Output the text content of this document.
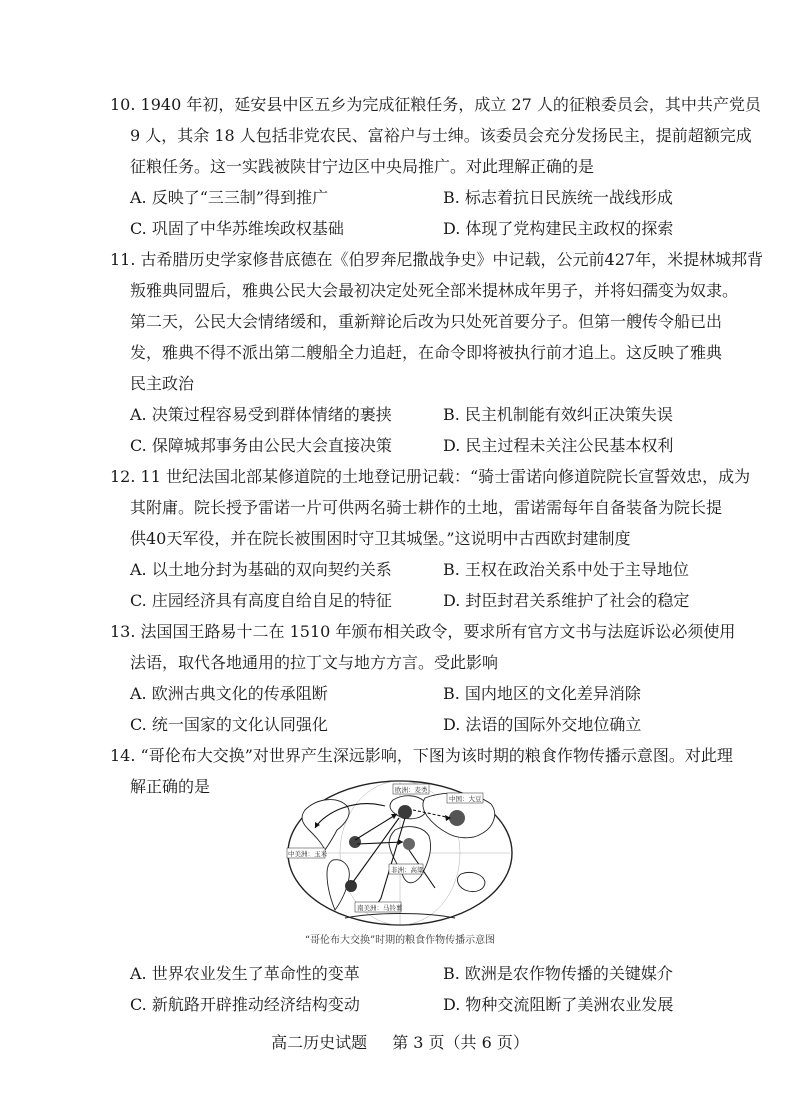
10. 1940 年初，延安县中区五乡为完成征粮任务，成立 27 人的征粮委员会，其中共产党员
9 人，其余 18 人包括非党农民、富裕户与士绅。该委员会充分发扬民主，提前超额完成
征粮任务。这一实践被陕甘宁边区中央局推广。对此理解正确的是
A. 反映了“三三制”得到推广	B. 标志着抗日民族统一战线形成
C. 巩固了中华苏维埃政权基础	D. 体现了党构建民主政权的探索
11. 古希腊历史学家修昔底德在《伯罗奔尼撒战争史》中记载，公元前427年，米提林城邦背
叛雅典同盟后，雅典公民大会最初决定处死全部米提林成年男子，并将妇孺变为奴隶。
第二天，公民大会情绪缓和，重新辩论后改为只处死首要分子。但第一艘传令船已出
发，雅典不得不派出第二艘船全力追赶，在命令即将被执行前才追上。这反映了雅典
民主政治
A. 决策过程容易受到群体情绪的裹挟	B. 民主机制能有效纠正决策失误
C. 保障城邦事务由公民大会直接决策	D. 民主过程未关注公民基本权利
12. 11 世纪法国北部某修道院的土地登记册记载：“骑士雷诺向修道院院长宣誓效忠，成为
其附庸。院长授予雷诺一片可供两名骑士耕作的土地，雷诺需每年自备装备为院长提
供40天军役，并在院长被围困时守卫其城堡。”这说明中古西欧封建制度
A. 以土地分封为基础的双向契约关系	B. 王权在政治关系中处于主导地位
C. 庄园经济具有高度自给自足的特征	D. 封臣封君关系维护了社会的稳定
13. 法国国王路易十二在 1510 年颁布相关政令，要求所有官方文书与法庭诉讼必须使用
法语，取代各地通用的拉丁文与地方方言。受此影响
A. 欧洲古典文化的传承阻断	B. 国内地区的文化差异消除
C. 统一国家的文化认同强化	D. 法语的国际外交地位确立
14. “哥伦布大交换”对世界产生深远影响，下图为该时期的粮食作物传播示意图。对此理
解正确的是	欧洲：麦类
中国：大豆
中美洲：玉米
非洲：高粱
南美洲：马铃薯
“哥伦布大交换”时期的粮食作物传播示意图
A. 世界农业发生了革命性的变革	B. 欧洲是农作物传播的关键媒介
C. 新航路开辟推动经济结构变动	D. 物种交流阻断了美洲农业发展
高二历史试题 第 3 页（共 6 页）
